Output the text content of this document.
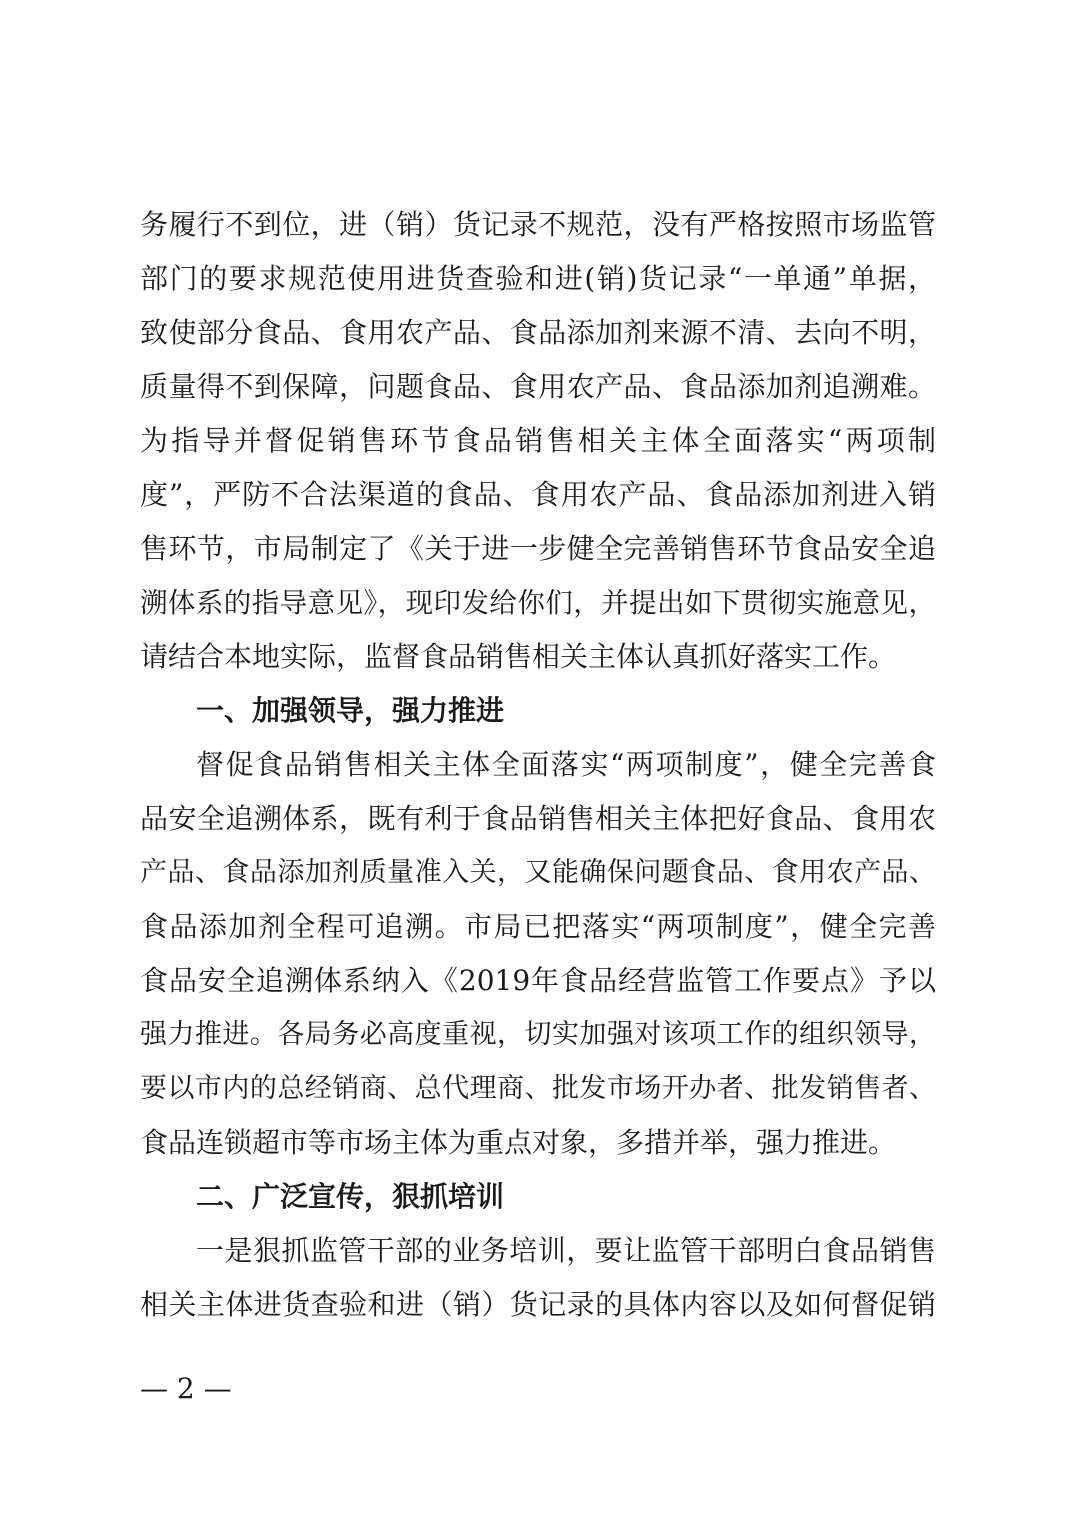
务履行不到位，进（销）货记录不规范，没有严格按照市场监管
部门的要求规范使用进货查验和进(销)货记录“一单通”单据，
致使部分食品、食用农产品、食品添加剂来源不清、去向不明，
质量得不到保障，问题食品、食用农产品、食品添加剂追溯难。
为指导并督促销售环节食品销售相关主体全面落实“两项制
度”，严防不合法渠道的食品、食用农产品、食品添加剂进入销
售环节，市局制定了《关于进一步健全完善销售环节食品安全追
溯体系的指导意见》，现印发给你们，并提出如下贯彻实施意见，
请结合本地实际，监督食品销售相关主体认真抓好落实工作。
一、加强领导，强力推进
督促食品销售相关主体全面落实“两项制度”，健全完善食
品安全追溯体系，既有利于食品销售相关主体把好食品、食用农
产品、食品添加剂质量准入关，又能确保问题食品、食用农产品、
食品添加剂全程可追溯。市局已把落实“两项制度”，健全完善
食品安全追溯体系纳入《2019年食品经营监管工作要点》予以
强力推进。各局务必高度重视，切实加强对该项工作的组织领导，
要以市内的总经销商、总代理商、批发市场开办者、批发销售者、
食品连锁超市等市场主体为重点对象，多措并举，强力推进。
二、广泛宣传，狠抓培训
一是狠抓监管干部的业务培训，要让监管干部明白食品销售
相关主体进货查验和进（销）货记录的具体内容以及如何督促销
— 2 —
